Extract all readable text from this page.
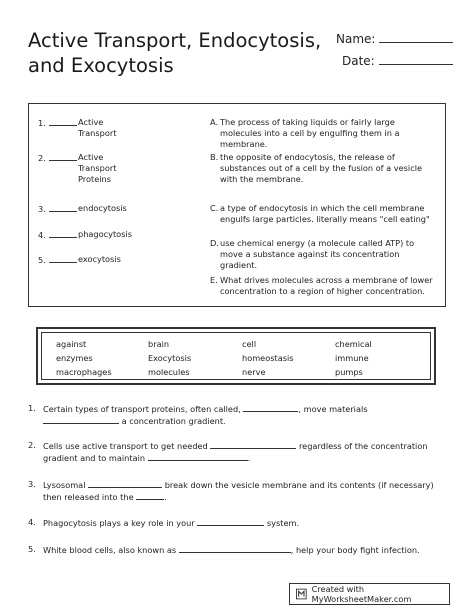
Active Transport, Endocytosis,
and Exocytosis
Name:
Date:
1.	Active
Transport
2.	Active
Transport
Proteins
3.	endocytosis
4.	phagocytosis
5.	exocytosis
A. The process of taking liquids or fairly large molecules into a cell by engulfing them in a membrane.
B. the opposite of endocytosis, the release of substances out of a cell by the fusion of a vesicle with the membrane.
C. a type of endocytosis in which the cell membrane engulfs large particles. literally means "cell eating"
D. use chemical energy (a molecule called ATP) to move a substance against its concentration gradient.
E. What drives molecules across a membrane of lower concentration to a region of higher concentration.
against	brain	cell	chemical
enzymes	Exocytosis	homeostasis	immune
macrophages	molecules	nerve	pumps
1. Certain types of transport proteins, often called,	, move materials  a concentration gradient.
2. Cells use active transport to get needed	regardless of the concentration gradient and to maintain	.
3. Lysosomal	break down the vesicle membrane and its contents (if necessary) then released into the	.
4. Phagocytosis plays a key role in your	system.
5. White blood cells, also known as	, help your body fight infection.
Created with MyWorksheetMaker.com
